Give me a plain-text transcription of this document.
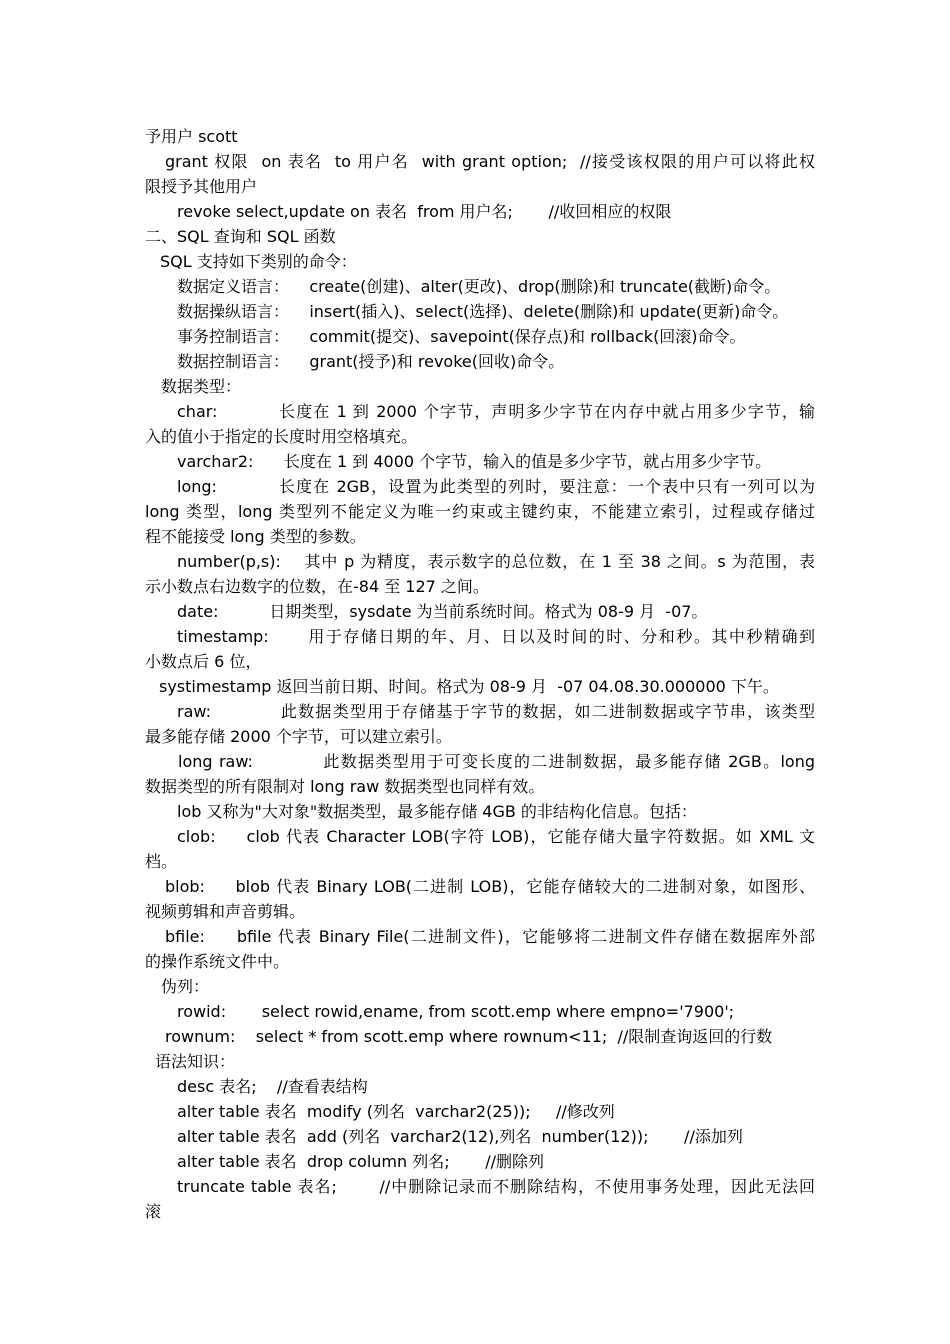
予用户 scott
grant 权限  on 表名  to 用户名  with grant option;  //接受该权限的用户可以将此权
限授予其他用户
revoke select,update on 表名  from 用户名;       //收回相应的权限
二、SQL 查询和 SQL 函数
SQL 支持如下类别的命令：
数据定义语言：    create(创建)、alter(更改)、drop(删除)和 truncate(截断)命令。
数据操纵语言：    insert(插入)、select(选择)、delete(删除)和 update(更新)命令。
事务控制语言：    commit(提交)、savepoint(保存点)和 rollback(回滚)命令。
数据控制语言：    grant(授予)和 revoke(回收)命令。
数据类型：
char:          长度在 1 到 2000 个字节，声明多少字节在内存中就占用多少字节，输
入的值小于指定的长度时用空格填充。
varchar2:      长度在 1 到 4000 个字节，输入的值是多少字节，就占用多少字节。
long:          长度在 2GB，设置为此类型的列时，要注意：一个表中只有一列可以为
long 类型，long 类型列不能定义为唯一约束或主键约束，不能建立索引，过程或存储过
程不能接受 long 类型的参数。
number(p,s):    其中 p 为精度，表示数字的总位数，在 1 至 38 之间。s 为范围，表
示小数点右边数字的位数，在-84 至 127 之间。
date:          日期类型，sysdate 为当前系统时间。格式为 08-9 月  -07。
timestamp:      用于存储日期的年、月、日以及时间的时、分和秒。其中秒精确到
小数点后 6 位，
systimestamp 返回当前日期、时间。格式为 08-9 月  -07 04.08.30.000000 下午。
raw:           此数据类型用于存储基于字节的数据，如二进制数据或字节串，该类型
最多能存储 2000 个字节，可以建立索引。
long raw:           此数据类型用于可变长度的二进制数据，最多能存储 2GB。long
数据类型的所有限制对 long raw 数据类型也同样有效。
lob 又称为"大对象"数据类型，最多能存储 4GB 的非结构化信息。包括：
clob:     clob 代表 Character LOB(字符 LOB)，它能存储大量字符数据。如 XML 文
档。
blob:     blob 代表 Binary LOB(二进制 LOB)，它能存储较大的二进制对象，如图形、
视频剪辑和声音剪辑。
bfile:     bfile 代表 Binary File(二进制文件)，它能够将二进制文件存储在数据库外部
的操作系统文件中。
伪列：
rowid:       select rowid,ename, from scott.emp where empno='7900';
rownum:    select * from scott.emp where rownum<11;  //限制查询返回的行数
语法知识：
desc 表名;    //查看表结构
alter table 表名  modify (列名  varchar2(25));     //修改列
alter table 表名  add (列名  varchar2(12),列名  number(12));       //添加列
alter table 表名  drop column 列名;       //删除列
truncate table 表名;       //中删除记录而不删除结构，不使用事务处理，因此无法回
滚
